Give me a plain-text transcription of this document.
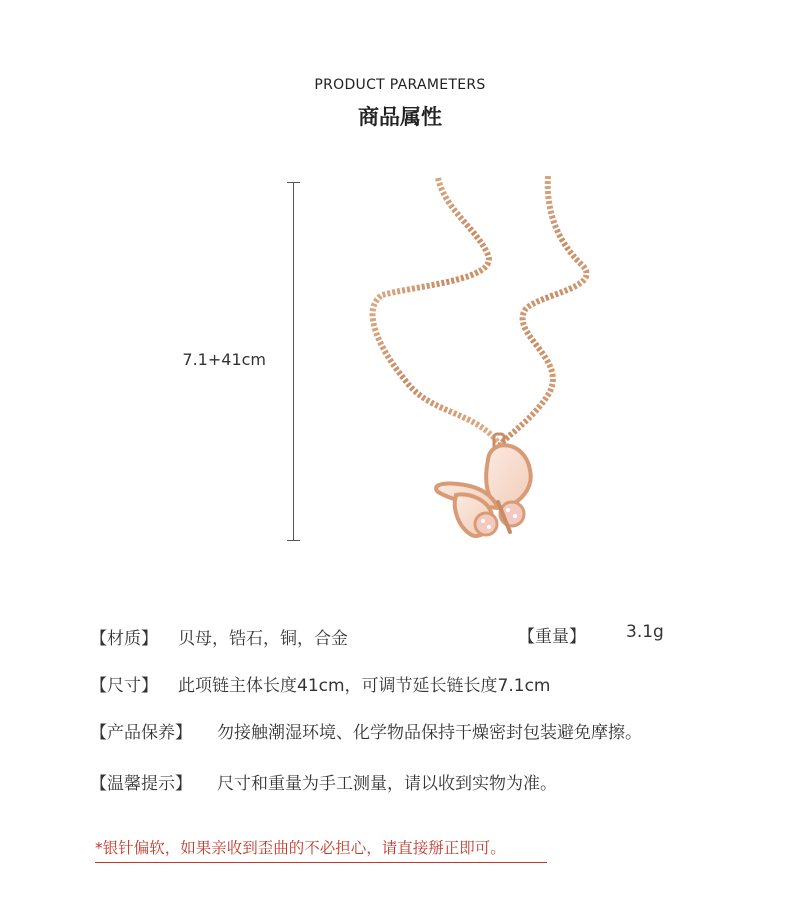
PRODUCT PARAMETERS
商品属性
7.1+41cm
【材质】 贝母，锆石，铜，合金	【重量】 3.1g
【尺寸】 此项链主体长度41cm，可调节延长链长度7.1cm
【产品保养】 勿接触潮湿环境、化学物品保持干燥密封包装避免摩擦。
【温馨提示】 尺寸和重量为手工测量，请以收到实物为准。
*银针偏软，如果亲收到歪曲的不必担心，请直接掰正即可。
